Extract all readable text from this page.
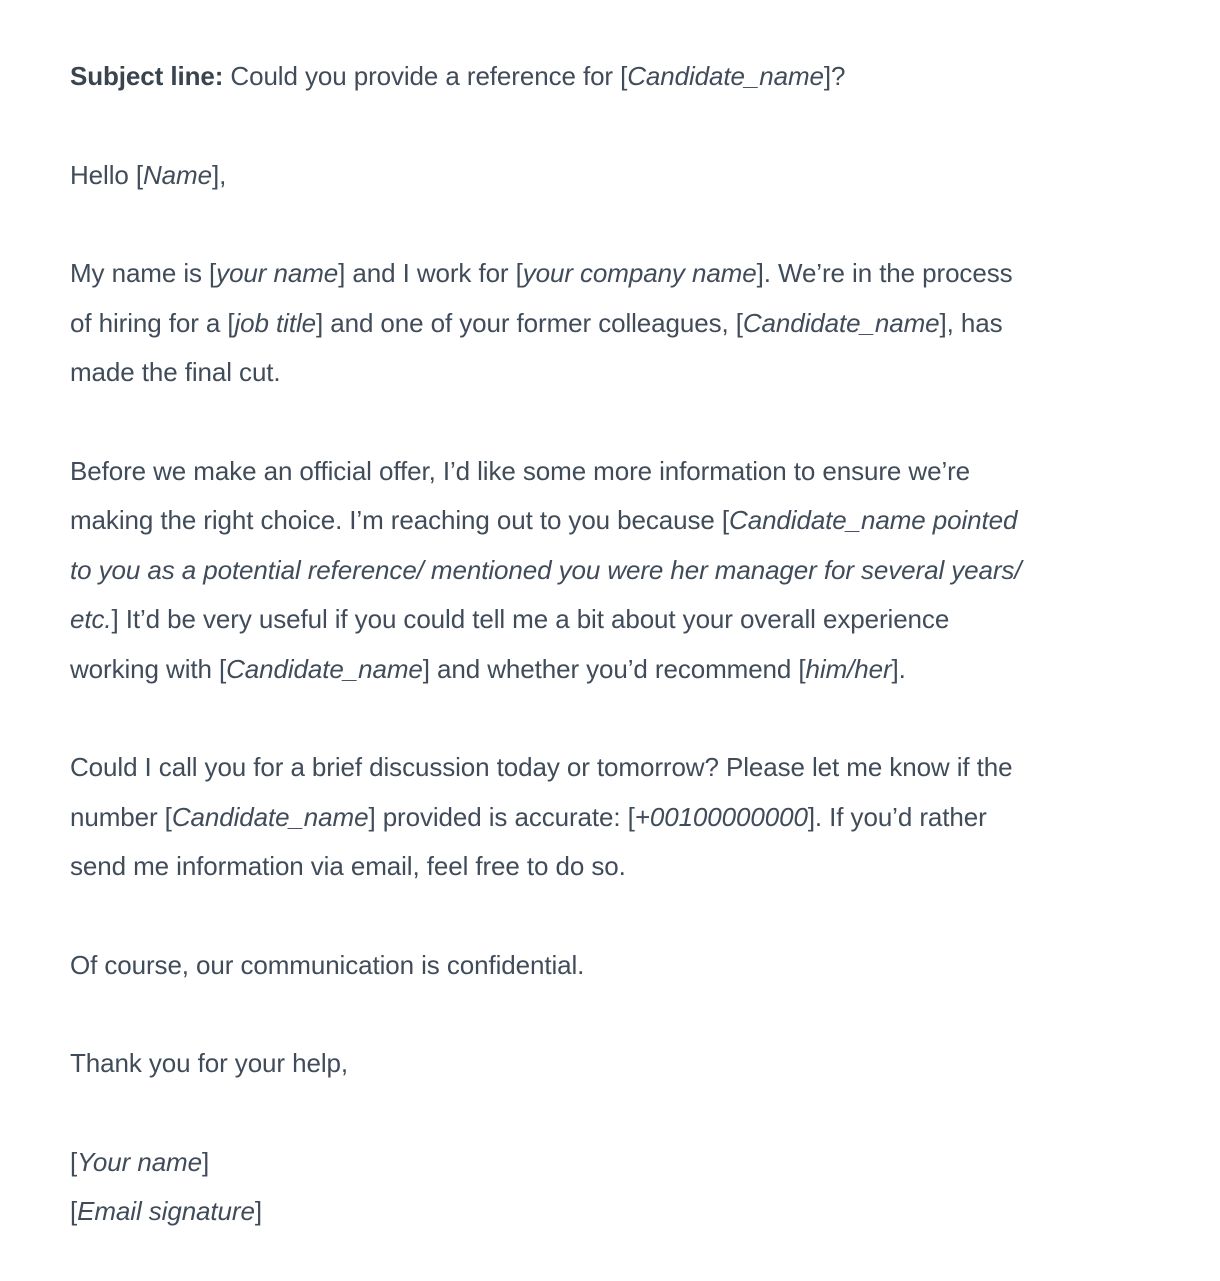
Subject line: Could you provide a reference for [Candidate_name]?
Hello [Name],
My name is [your name] and I work for [your company name]. We’re in the process
of hiring for a [job title] and one of your former colleagues, [Candidate_name], has
made the final cut.
Before we make an official offer, I’d like some more information to ensure we’re
making the right choice. I’m reaching out to you because [Candidate_name pointed
to you as a potential reference/ mentioned you were her manager for several years/
etc.] It’d be very useful if you could tell me a bit about your overall experience
working with [Candidate_name] and whether you’d recommend [him/her].
Could I call you for a brief discussion today or tomorrow? Please let me know if the
number [Candidate_name] provided is accurate: [+00100000000]. If you’d rather
send me information via email, feel free to do so.
Of course, our communication is confidential.
Thank you for your help,
[Your name]
[Email signature]
